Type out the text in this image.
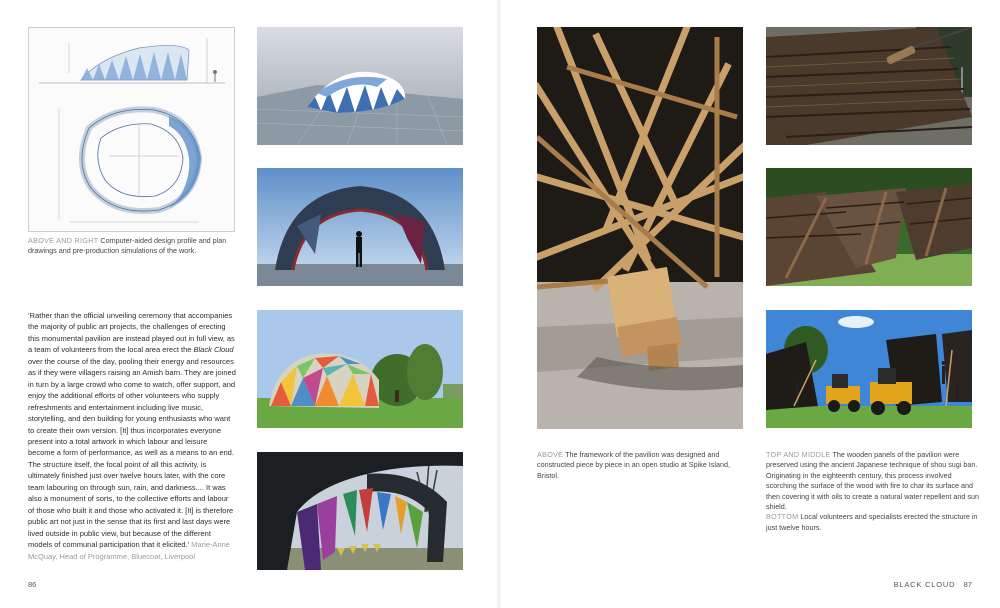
ABOVE AND RIGHT Computer-aided design profile and plan drawings and pre-production simulations of the work.
‘Rather than the official unveiling ceremony that accompanies the majority of public art projects, the challenges of erecting this monumental pavilion are instead played out in full view, as a team of volunteers from the local area erect the Black Cloud over the course of the day, pooling their energy and resources as if they were villagers raising an Amish barn. They are joined in turn by a large crowd who come to watch, offer support, and enjoy the additional efforts of other volunteers who supply refreshments and entertainment including live music, storytelling, and den building for young enthusiasts who want to create their own version. [It] thus incorporates everyone present into a total artwork in which labour and leisure become a form of performance, as well as a means to an end. The structure itself, the focal point of all this activity, is ultimately finished just over twelve hours later, with the core team labouring on through sun, rain, and darkness.... It was also a monument of sorts, to the collective efforts and labour of those who built it and those who activated it. [It] is therefore public art not just in the sense that its first and last days were lived outside in public view, but because of the different models of communal participation that it elicited.’ Marie-Anne McQuay, Head of Programme, Bluecoat, Liverpool
86
ABOVE The framework of the pavilion was designed and constructed piece by piece in an open studio at Spike Island, Bristol.
TOP AND MIDDLE The wooden panels of the pavilion were preserved using the ancient Japanese technique of shou sugi ban. Originating in the eighteenth century, this process involved scorching the surface of the wood with fire to char its surface and then covering it with oils to create a natural water repellent and sun shield.
BOTTOM Local volunteers and specialists erected the structure in just twelve hours.
BLACK CLOUD 87
